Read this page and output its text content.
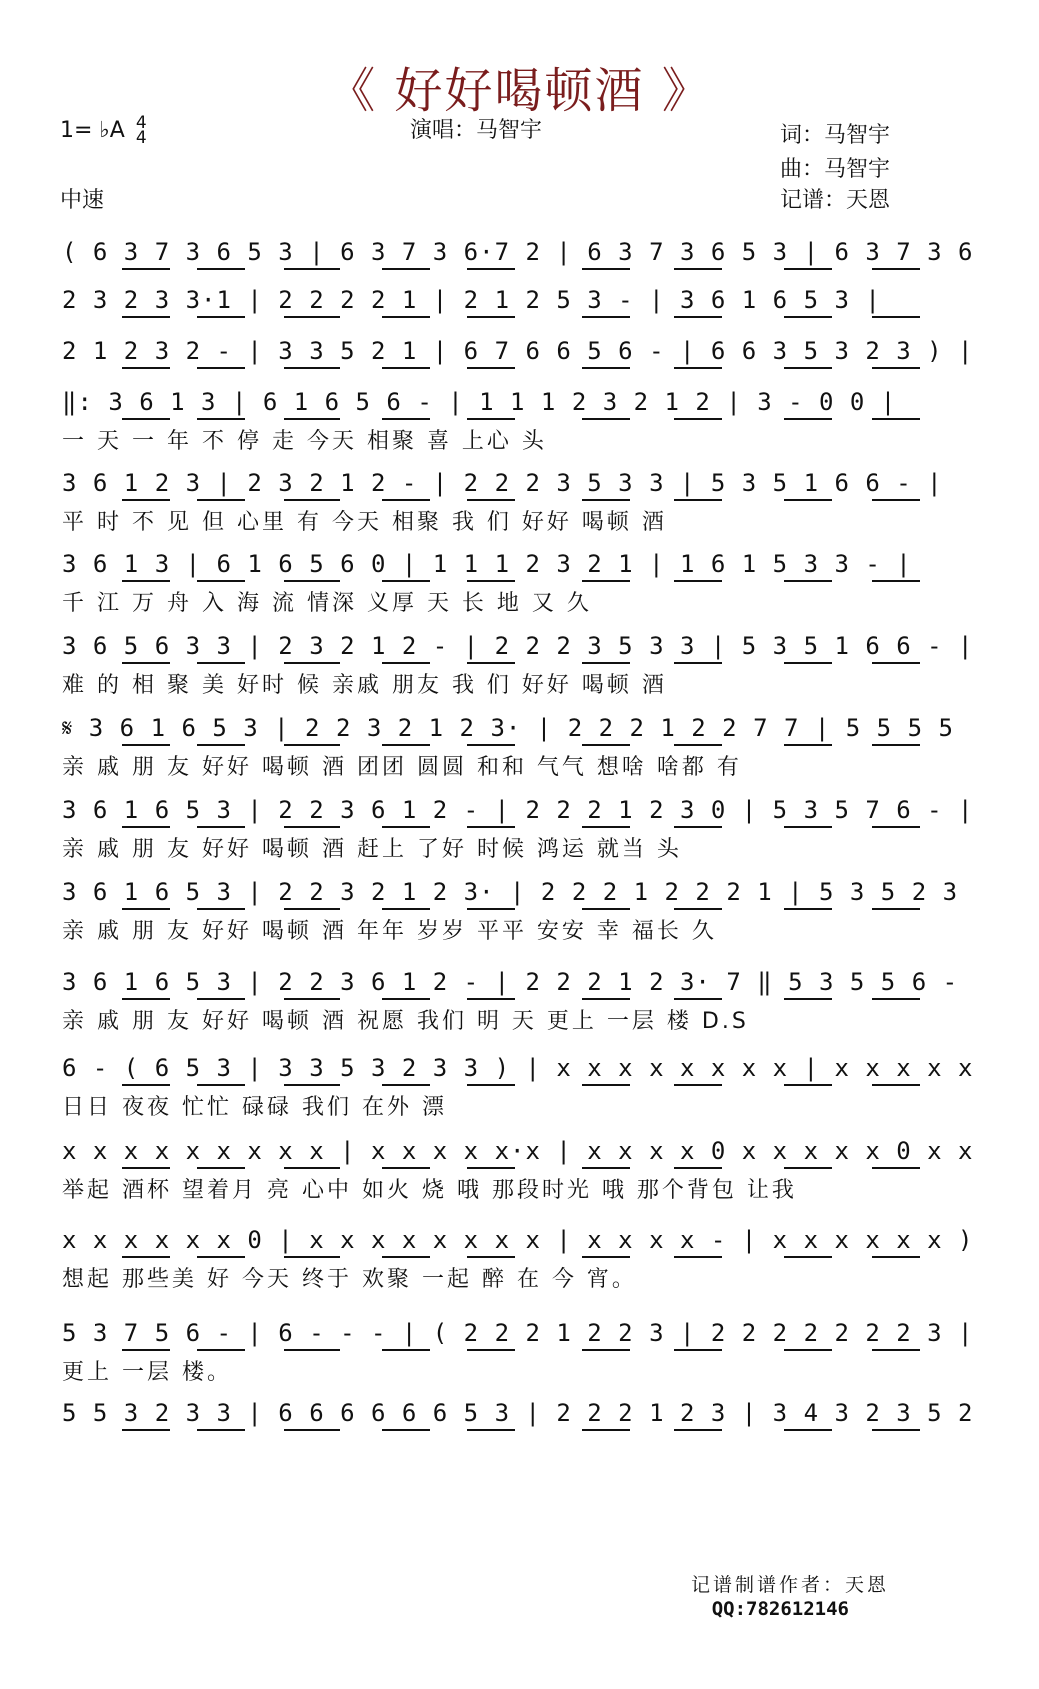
《 好好喝顿酒 》
1= ♭A 4
4	演唱：马智宇	词：马智宇
曲：马智宇
记谱：天恩
中速
( 6 3 7 3 6 5 3 | 6 3 7 3 6·7 2 | 6 3 7 3 6 5 3 | 6 3 7 3 6
2 3 2 3 3·1 | 2 2 2 2 1 | 2 1 2 5 3 - | 3 6 1 6 5 3 |
2 1 2 3 2 - | 3 3 5 2 1 | 6 7 6 6 5 6 - | 6 6 3 5 3 2 3 ) |
‖: 3 6 1 3 | 6 1 6 5 6 - | 1 1 1 2 3 2 1 2 | 3 - 0 0 |
一 天 一 年 不 停 走 今天 相聚 喜 上心 头
3 6 1 2 3 | 2 3 2 1 2 - | 2 2 2 3 5 3 3 | 5 3 5 1 6 6 - |
平 时 不 见 但 心里 有 今天 相聚 我 们 好好 喝顿 酒
3 6 1 3 | 6 1 6 5 6 0 | 1 1 1 2 3 2 1 | 1 6 1 5 3 3 - |
千 江 万 舟 入 海 流 情深 义厚 天 长 地 又 久
3 6 5 6 3 3 | 2 3 2 1 2 - | 2 2 2 3 5 3 3 | 5 3 5 1 6 6 - |
难 的 相 聚 美 好时 候 亲戚 朋友 我 们 好好 喝顿 酒
𝄋 3 6 1 6 5 3 | 2 2 3 2 1 2 3· | 2 2 2 1 2 2 7 7 | 5 5 5 5
亲 戚 朋 友 好好 喝顿 酒 团团 圆圆 和和 气气 想啥 啥都 有
3 6 1 6 5 3 | 2 2 3 6 1 2 - | 2 2 2 1 2 3 0 | 5 3 5 7 6 - |
亲 戚 朋 友 好好 喝顿 酒 赶上 了好 时候 鸿运 就当 头
3 6 1 6 5 3 | 2 2 3 2 1 2 3· | 2 2 2 1 2 2 2 1 | 5 3 5 2 3
亲 戚 朋 友 好好 喝顿 酒 年年 岁岁 平平 安安 幸 福长 久
3 6 1 6 5 3 | 2 2 3 6 1 2 - | 2 2 2 1 2 3· 7 ‖ 5 3 5 5 6 -
亲 戚 朋 友 好好 喝顿 酒 祝愿 我们 明 天 更上 一层 楼 D.S
6 - ( 6 5 3 | 3 3 5 3 2 3 3 ) | x x x x x x x x | x x x x x
日日 夜夜 忙忙 碌碌 我们 在外 漂
x x x x x x x x x | x x x x x·x | x x x x 0 x x x x x 0 x x
举起 酒杯 望着月 亮 心中 如火 烧 哦 那段时光 哦 那个背包 让我
x x x x x x 0 | x x x x x x x x | x x x x - | x x x x x x )
想起 那些美 好 今天 终于 欢聚 一起 醉 在 今 宵。
5 3 7 5 6 - | 6 - - - | ( 2 2 2 1 2 2 3 | 2 2 2 2 2 2 2 3 |
更上 一层 楼。
5 5 3 2 3 3 | 6 6 6 6 6 6 5 3 | 2 2 2 1 2 3 | 3 4 3 2 3 5 2
记谱制谱作者：天恩
QQ:782612146
